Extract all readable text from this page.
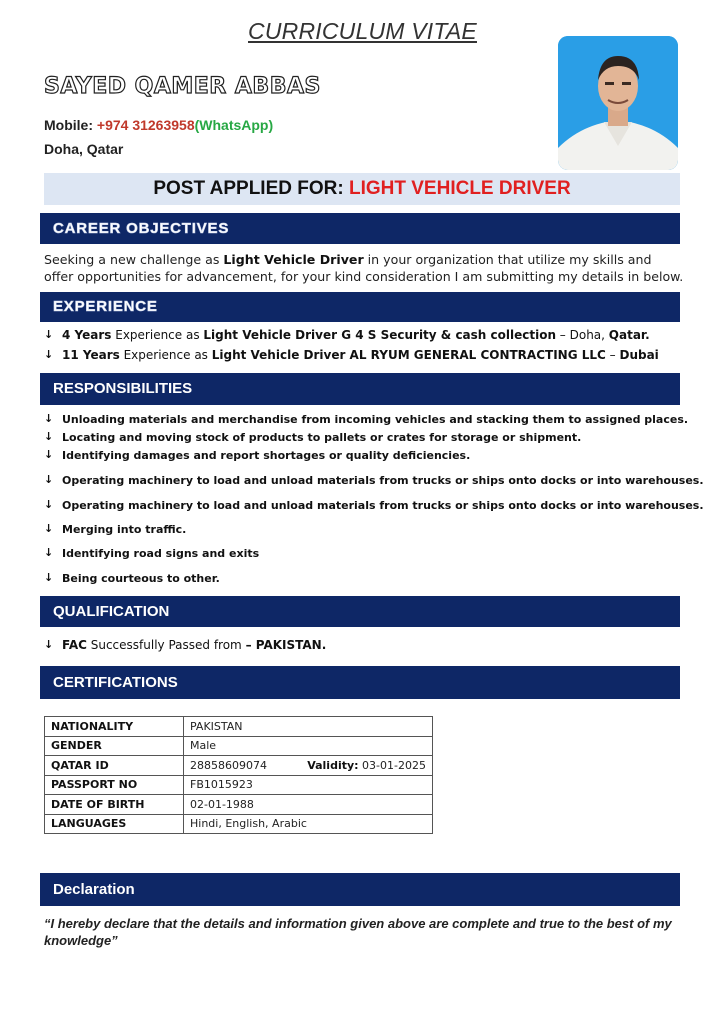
CURRICULUM VITAE
SAYED QAMER ABBAS
Mobile: +974 31263958(WhatsApp)
Doha, Qatar
POST APPLIED FOR: LIGHT VEHICLE DRIVER
CAREER OBJECTIVES
Seeking a new challenge as Light Vehicle Driver in your organization that utilize my skills and offer opportunities for advancement, for your kind consideration I am submitting my details in below.
EXPERIENCE
↓ 4 Years Experience as Light Vehicle Driver G 4 S Security & cash collection – Doha, Qatar.
↓ 11 Years Experience as Light Vehicle Driver AL RYUM GENERAL CONTRACTING LLC – Dubai
RESPONSIBILITIES
↓ Unloading materials and merchandise from incoming vehicles and stacking them to assigned places.
↓ Locating and moving stock of products to pallets or crates for storage or shipment.
↓ Identifying damages and report shortages or quality deficiencies.
↓ Operating machinery to load and unload materials from trucks or ships onto docks or into warehouses.
↓ Operating machinery to load and unload materials from trucks or ships onto docks or into warehouses.
↓ Merging into traffic.
↓ Identifying road signs and exits
↓ Being courteous to other.
QUALIFICATION
↓ FAC Successfully Passed from – PAKISTAN.
CERTIFICATIONS
NATIONALITY	PAKISTAN
GENDER	Male
QATAR ID	28858609074 Validity: 03-01-2025

PASSPORT NO	FB1015923
DATE OF BIRTH	02-01-1988
LANGUAGES	Hindi, English, Arabic
Declaration
“I hereby declare that the details and information given above are complete and true to the best of my knowledge”
